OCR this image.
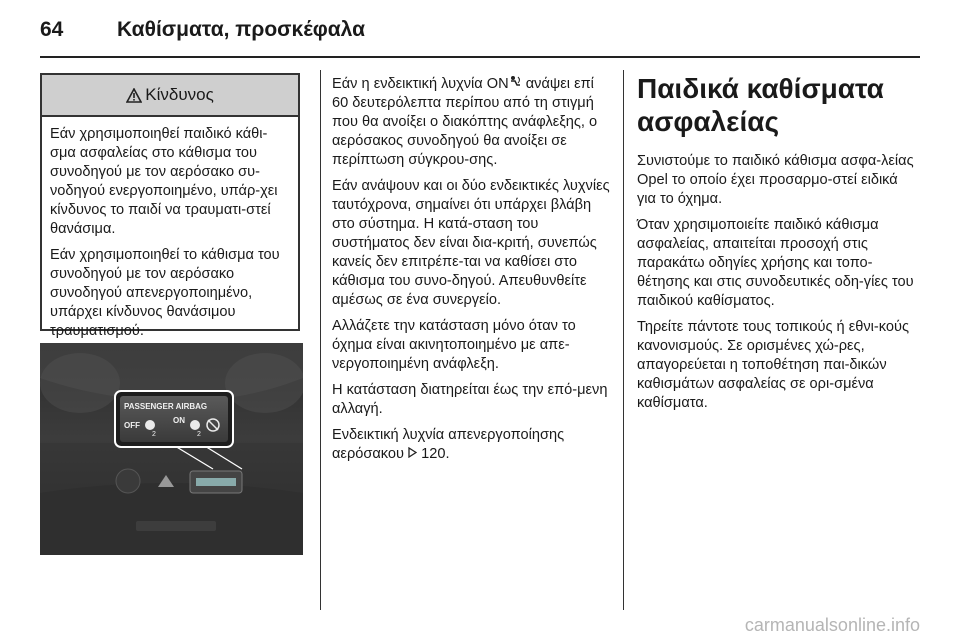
64	Καθίσματα, προσκέφαλα
Κίνδυνος

Εάν χρησιμοποιηθεί παιδικό κάθι-σμα ασφαλείας στο κάθισμα του συνοδηγού με τον αερόσακο συ-νοδηγού ενεργοποιημένο, υπάρ-χει κίνδυνος το παιδί να τραυματι-στεί θανάσιμα.

Εάν χρησιμοποιηθεί το κάθισμα του συνοδηγού με τον αερόσακο συνοδηγού απενεργοποιημένο, υπάρχει κίνδυνος θανάσιμου τραυματισμού.

PASSENGER AIRBAG
OFF
2
ON
2

Εάν η ενδεικτική λυχνία ON ανάψει επί 60 δευτερόλεπτα περίπου από τη στιγμή που θα ανοίξει ο διακόπτης ανάφλεξης, ο αερόσακος συνοδηγού θα ανοίξει σε περίπτωση σύγκρου-σης.

Εάν ανάψουν και οι δύο ενδεικτικές λυχνίες ταυτόχρονα, σημαίνει ότι υπάρχει βλάβη στο σύστημα. Η κατά-σταση του συστήματος δεν είναι δια-κριτή, συνεπώς κανείς δεν επιτρέπε-ται να καθίσει στο κάθισμα του συνο-δηγού. Απευθυνθείτε αμέσως σε ένα συνεργείο.

Αλλάζετε την κατάσταση μόνο όταν το όχημα είναι ακινητοποιημένο με απε-νεργοποιημένη ανάφλεξη.

Η κατάσταση διατηρείται έως την επό-μενη αλλαγή.

Ενδεικτική λυχνία απενεργοποίησης αερόσακου 120.

Παιδικά καθίσματα ασφαλείας

Συνιστούμε το παιδικό κάθισμα ασφα-λείας Opel το οποίο έχει προσαρμο-στεί ειδικά για το όχημα.

Όταν χρησιμοποιείτε παιδικό κάθισμα ασφαλείας, απαιτείται προσοχή στις παρακάτω οδηγίες χρήσης και τοπο-θέτησης και στις συνοδευτικές οδη-γίες του παιδικού καθίσματος.

Τηρείτε πάντοτε τους τοπικούς ή εθνι-κούς κανονισμούς. Σε ορισμένες χώ-ρες, απαγορεύεται η τοποθέτηση παι-δικών καθισμάτων ασφαλείας σε ορι-σμένα καθίσματα.

carmanualsonline.info
